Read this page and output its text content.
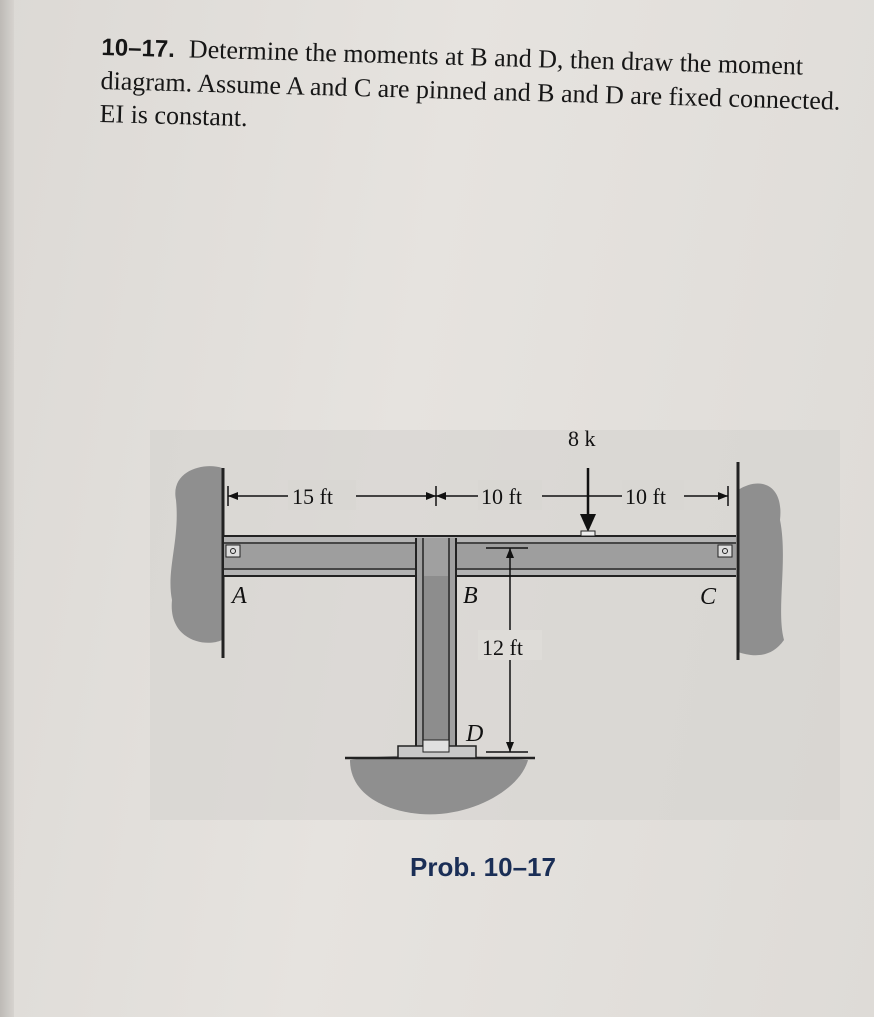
10–17. Determine the moments at B and D, then draw the moment diagram. Assume A and C are pinned and B and D are fixed connected. EI is constant.

15 ft	10 ft	10 ft
8 k
12 ft
A	B	C
D
Prob. 10–17
